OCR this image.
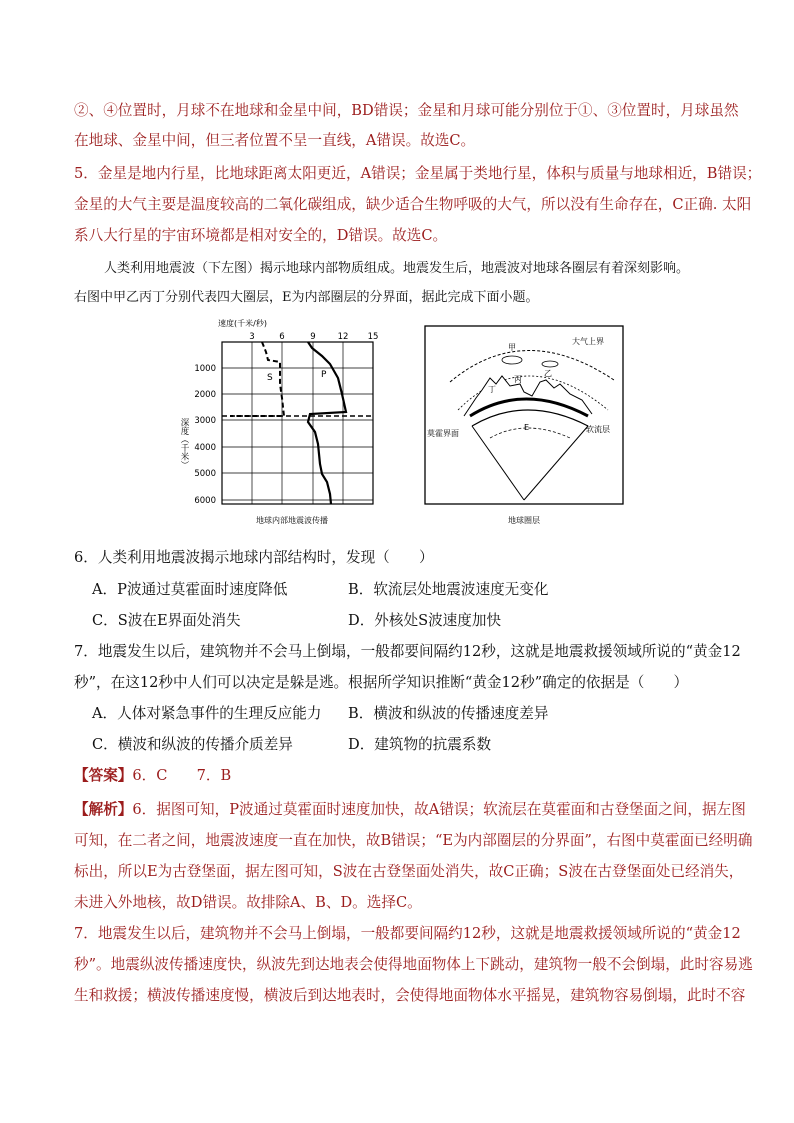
②、④位置时，月球不在地球和金星中间，BD错误；金星和月球可能分别位于①、③位置时，月球虽然
在地球、金星中间，但三者位置不呈一直线，A错误。故选C。
5．金星是地内行星，比地球距离太阳更近，A错误；金星属于类地行星，体积与质量与地球相近，B错误；
金星的大气主要是温度较高的二氧化碳组成，缺少适合生物呼吸的大气，所以没有生命存在，C正确. 太阳
系八大行星的宇宙环境都是相对安全的，D错误。故选C。
人类利用地震波（下左图）揭示地球内部物质组成。地震发生后，地震波对地球各圈层有着深刻影响。
右图中甲乙丙丁分别代表四大圈层，E为内部圈层的分界面，据此完成下面小题。
速度(千米/秒)
3	6	9	12 15
1000
2000
3000
4000
5000
6000
深度（千米）
S	P
地球内部地震波传播
大气上界
甲
乙
丙
丁
莫霍界面	软流层
E
地球圈层
6．人类利用地震波揭示地球内部结构时，发现（　　）
A．P波通过莫霍面时速度降低	B．软流层处地震波速度无变化
C．S波在E界面处消失	D．外核处S波速度加快
7．地震发生以后，建筑物并不会马上倒塌，一般都要间隔约12秒，这就是地震救援领域所说的“黄金12
秒”，在这12秒中人们可以决定是躲是逃。根据所学知识推断“黄金12秒”确定的依据是（　　）
A．人体对紧急事件的生理反应能力 B．横波和纵波的传播速度差异
C．横波和纵波的传播介质差异	D．建筑物的抗震系数
【答案】6．C　　7．B
【解析】6．据图可知，P波通过莫霍面时速度加快，故A错误；软流层在莫霍面和古登堡面之间，据左图
可知，在二者之间，地震波速度一直在加快，故B错误；“E为内部圈层的分界面”，右图中莫霍面已经明确
标出，所以E为古登堡面，据左图可知，S波在古登堡面处消失，故C正确；S波在古登堡面处已经消失，
未进入外地核，故D错误。故排除A、B、D。选择C。
7．地震发生以后，建筑物并不会马上倒塌，一般都要间隔约12秒，这就是地震救援领域所说的“黄金12
秒”。地震纵波传播速度快，纵波先到达地表会使得地面物体上下跳动，建筑物一般不会倒塌，此时容易逃
生和救援；横波传播速度慢，横波后到达地表时，会使得地面物体水平摇晃，建筑物容易倒塌，此时不容
